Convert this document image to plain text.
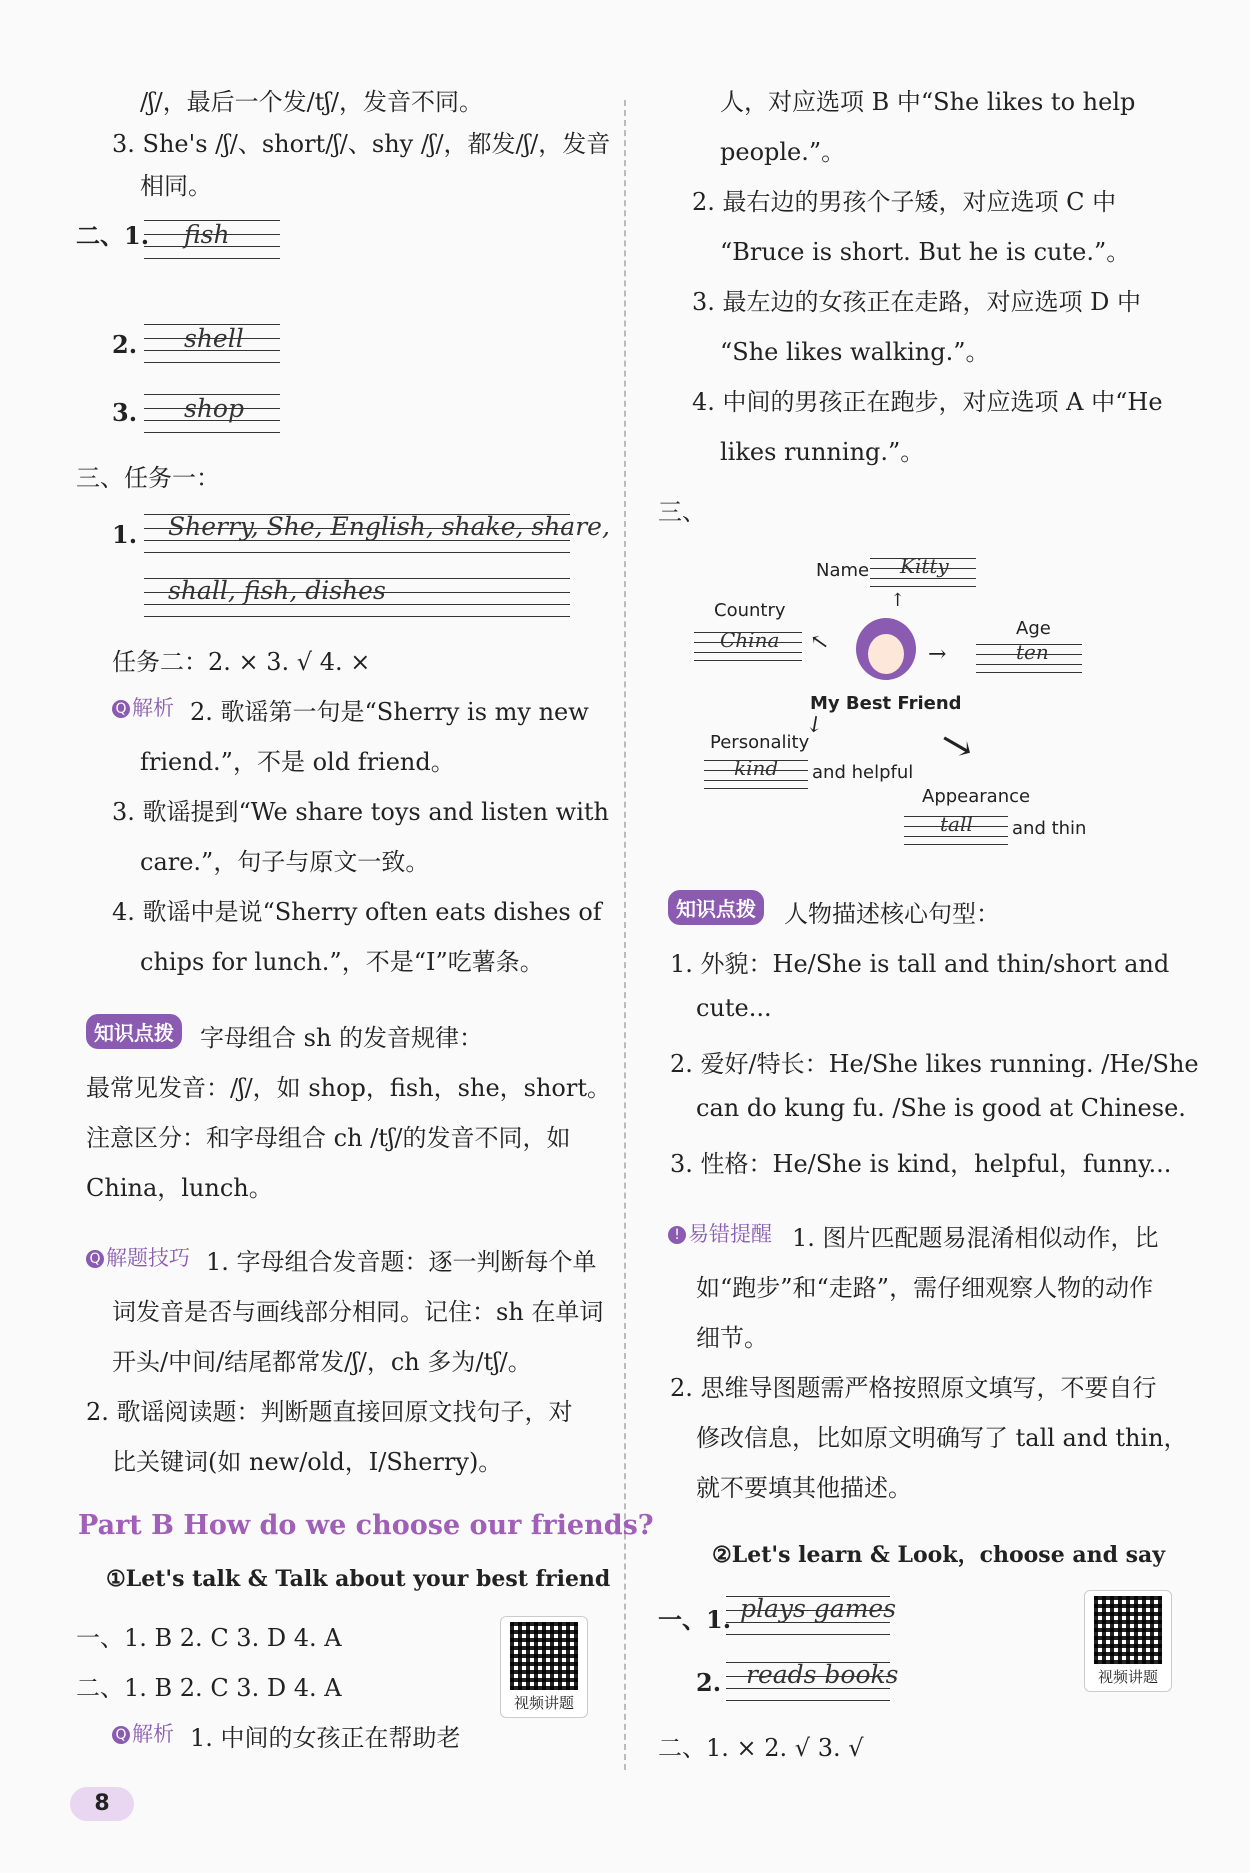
/ʃ/，最后一个发/tʃ/，发音不同。
3. She's /ʃ/、short/ʃ/、shy /ʃ/，都发/ʃ/，发音
相同。
二、1. fish
2. shell
3. shop
三、任务一：
1. Sherry, She, English, shake, share,
shall, fish, dishes
任务二：2. × 3. √ 4. ×
Q 解析 2. 歌谣第一句是“Sherry is my new
friend.”，不是 old friend。
3. 歌谣提到“We share toys and listen with
care.”，句子与原文一致。
4. 歌谣中是说“Sherry often eats dishes of
chips for lunch.”，不是“I”吃薯条。
知识点拨	字母组合 sh 的发音规律：
最常见发音：/ʃ/，如 shop，fish，she，short。
注意区分：和字母组合 ch /tʃ/的发音不同，如
China，lunch。
Q 解题技巧 1. 字母组合发音题：逐一判断每个单
词发音是否与画线部分相同。记住：sh 在单词
开头/中间/结尾都常发/ʃ/，ch 多为/tʃ/。
2. 歌谣阅读题：判断题直接回原文找句子，对
比关键词(如 new/old，I/Sherry)。
Part B How do we choose our friends?
①Let's talk & Talk about your best friend
一、1. B 2. C 3. D 4. A
二、1. B 2. C 3. D 4. A
Q 解析 1. 中间的女孩正在帮助老
视频讲题
人，对应选项 B 中“She likes to help
people.”。
2. 最右边的男孩个子矮，对应选项 C 中
“Bruce is short. But he is cute.”。
3. 最左边的女孩正在走路，对应选项 D 中
“She likes walking.”。
4. 中间的男孩正在跑步，对应选项 A 中“He
likes running.”。
三、
Name Kitty
Country
China	Age
ten
↑
←	→
My Best Friend
↙	↘
Personality
kind and helpful
Appearance
tall and thin
知识点拨	人物描述核心句型：
1. 外貌：He/She is tall and thin/short and
cute...
2. 爱好/特长：He/She likes running. /He/She
can do kung fu. /She is good at Chinese.
3. 性格：He/She is kind，helpful，funny...
! 易错提醒 1. 图片匹配题易混淆相似动作，比
如“跑步”和“走路”，需仔细观察人物的动作
细节。
2. 思维导图题需严格按照原文填写，不要自行
修改信息，比如原文明确写了 tall and thin，
就不要填其他描述。
②Let's learn & Look，choose and say
一、1. plays games
2. reads books	视频讲题
二、1. × 2. √ 3. √
8
